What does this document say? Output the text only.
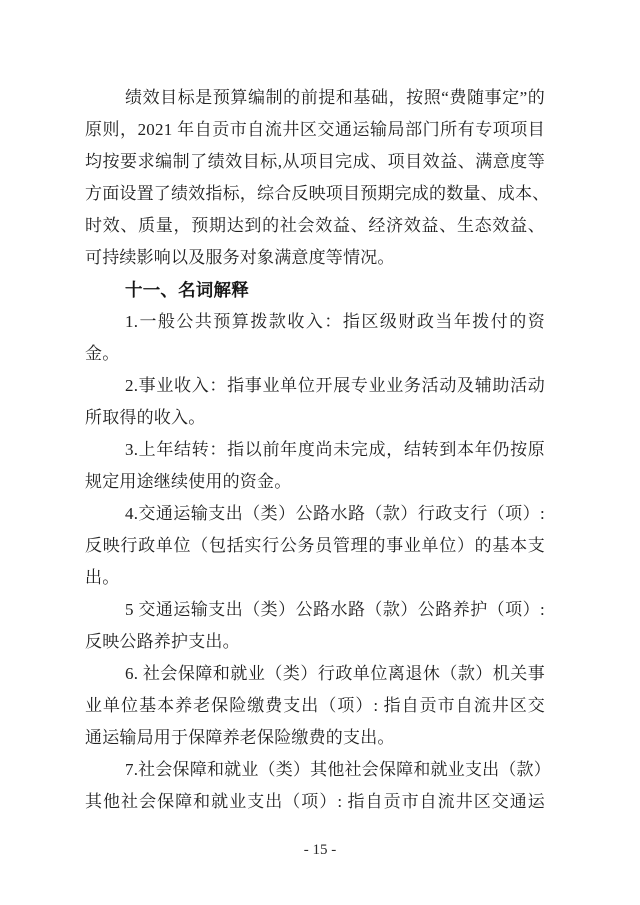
绩效目标是预算编制的前提和基础，按照“费随事定”的
原则，2021 年自贡市自流井区交通运输局部门所有专项项目
均按要求编制了绩效目标,从项目完成、项目效益、满意度等
方面设置了绩效指标，综合反映项目预期完成的数量、成本、
时效、质量，预期达到的社会效益、经济效益、生态效益、
可持续影响以及服务对象满意度等情况。
十一、名词解释
1.一般公共预算拨款收入：指区级财政当年拨付的资
金。
2.事业收入：指事业单位开展专业业务活动及辅助活动
所取得的收入。
3.上年结转：指以前年度尚未完成，结转到本年仍按原
规定用途继续使用的资金。
4.交通运输支出（类）公路水路（款）行政支行（项）:
反映行政单位（包括实行公务员管理的事业单位）的基本支
出。
5 交通运输支出（类）公路水路（款）公路养护（项）:
反映公路养护支出。
6. 社会保障和就业（类）行政单位离退休（款）机关事
业单位基本养老保险缴费支出（项）: 指自贡市自流井区交
通运输局用于保障养老保险缴费的支出。
7.社会保障和就业（类）其他社会保障和就业支出（款）
其他社会保障和就业支出（项）: 指自贡市自流井区交通运
- 15 -
